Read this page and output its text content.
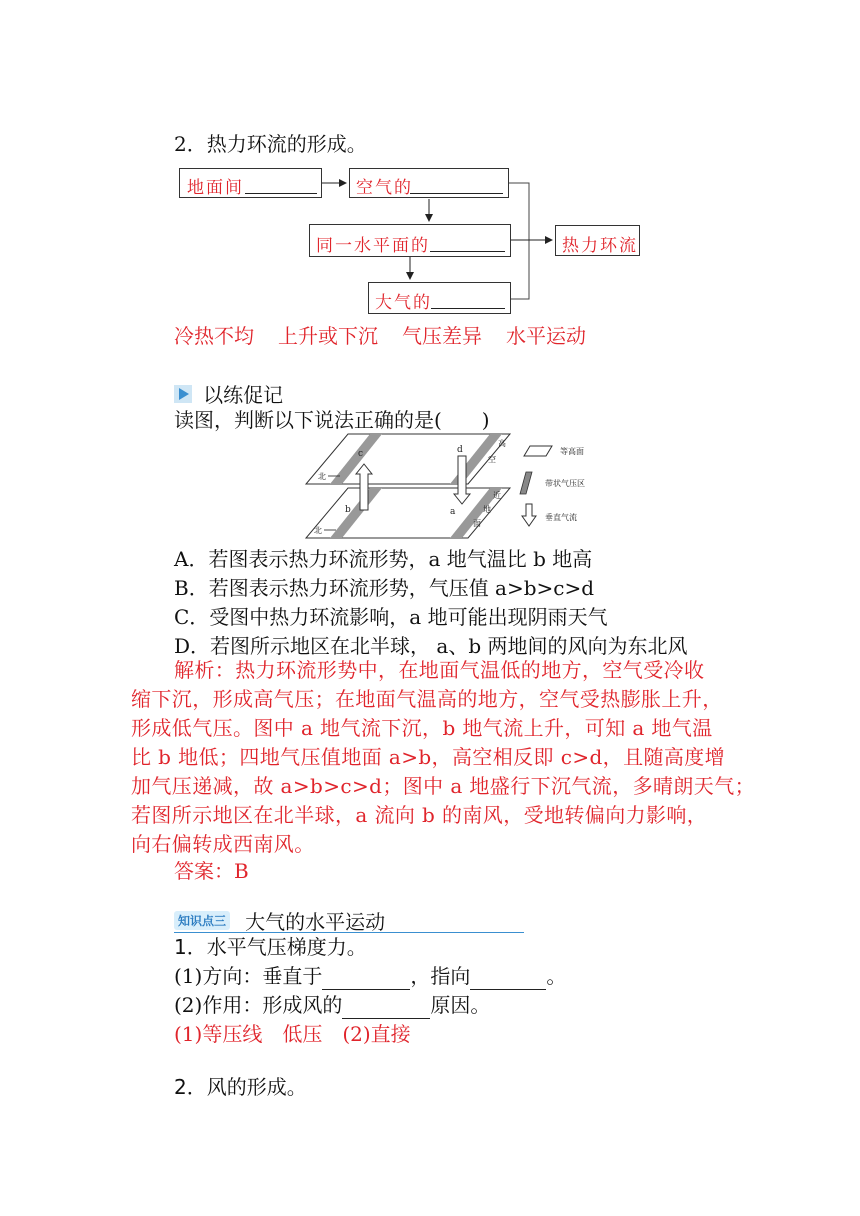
2．热力环流的形成。
地面间	空气的
同一水平面的
大气的
热力环流
冷热不均 上升或下沉 气压差异 水平运动
以练促记
读图，判断以下说法正确的是(　　)
c	d
b	a
北
北
高
空
近
地
面
等高面
带状气压区
垂直气流
A．若图表示热力环流形势，a 地气温比 b 地高
B．若图表示热力环流形势，气压值 a>b>c>d
C．受图中热力环流影响，a 地可能出现阴雨天气
D．若图所示地区在北半球， a、b 两地间的风向为东北风

解析：热力环流形势中，在地面气温低的地方，空气受冷收

缩下沉，形成高气压；在地面气温高的地方，空气受热膨胀上升，

形成低气压。图中 a 地气流下沉，b 地气流上升，可知 a 地气温

比 b 地低；四地气压值地面 a>b，高空相反即 c>d，且随高度增

加气压递减，故 a>b>c>d；图中 a 地盛行下沉气流，多晴朗天气；

若图所示地区在北半球，a 流向 b 的南风，受地转偏向力影响，

向右偏转成西南风。

答案：B
知识点三 大气的水平运动
1．水平气压梯度力。
(1)方向：垂直于	，指向	。
(2)作用：形成风的	原因。
(1)等压线　低压　(2)直接
2．风的形成。
